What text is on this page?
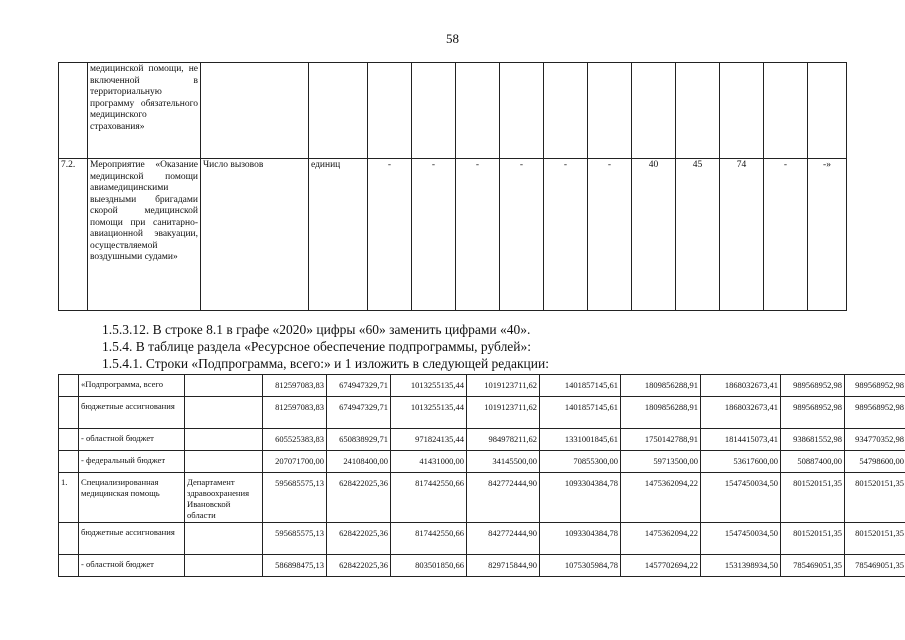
58
	медицинской помощи, не включенной в территориальную программу обязательного медицинского страхования»													
7.2.	Мероприятие «Оказание медицинской помощи авиамедицинскими выездными бригадами скорой медицинской помощи при санитарно-авиационной эвакуации, осуществляемой воздушными судами»	Число вызовов	единиц	-	-	-	-	-	-	40	45	74	-	-»
1.5.3.12. В строке 8.1 в графе «2020» цифры «60» заменить цифрами «40».
1.5.4. В таблице раздела «Ресурсное обеспечение подпрограммы, рублей»:
1.5.4.1. Строки «Подпрограмма, всего:» и 1 изложить в следующей редакции:
	«Подпрограмма, всего		812597083,83	674947329,71	1013255135,44	1019123711,62	1401857145,61	1809856288,91	1868032673,41	989568952,98	989568952,98
	бюджетные ассигнования		812597083,83	674947329,71	1013255135,44	1019123711,62	1401857145,61	1809856288,91	1868032673,41	989568952,98	989568952,98
	- областной бюджет		605525383,83	650838929,71	971824135,44	984978211,62	1331001845,61	1750142788,91	1814415073,41	938681552,98	934770352,98
	- федеральный бюджет		207071700,00	24108400,00	41431000,00	34145500,00	70855300,00	59713500,00	53617600,00	50887400,00	54798600,00
1.	Специализированная медицинская помощь	Департамент здравоохранения Ивановской области	595685575,13	628422025,36	817442550,66	842772444,90	1093304384,78	1475362094,22	1547450034,50	801520151,35	801520151,35
	бюджетные ассигнования		595685575,13	628422025,36	817442550,66	842772444,90	1093304384,78	1475362094,22	1547450034,50	801520151,35	801520151,35
	- областной бюджет		586898475,13	628422025,36	803501850,66	829715844,90	1075305984,78	1457702694,22	1531398934,50	785469051,35	785469051,35
